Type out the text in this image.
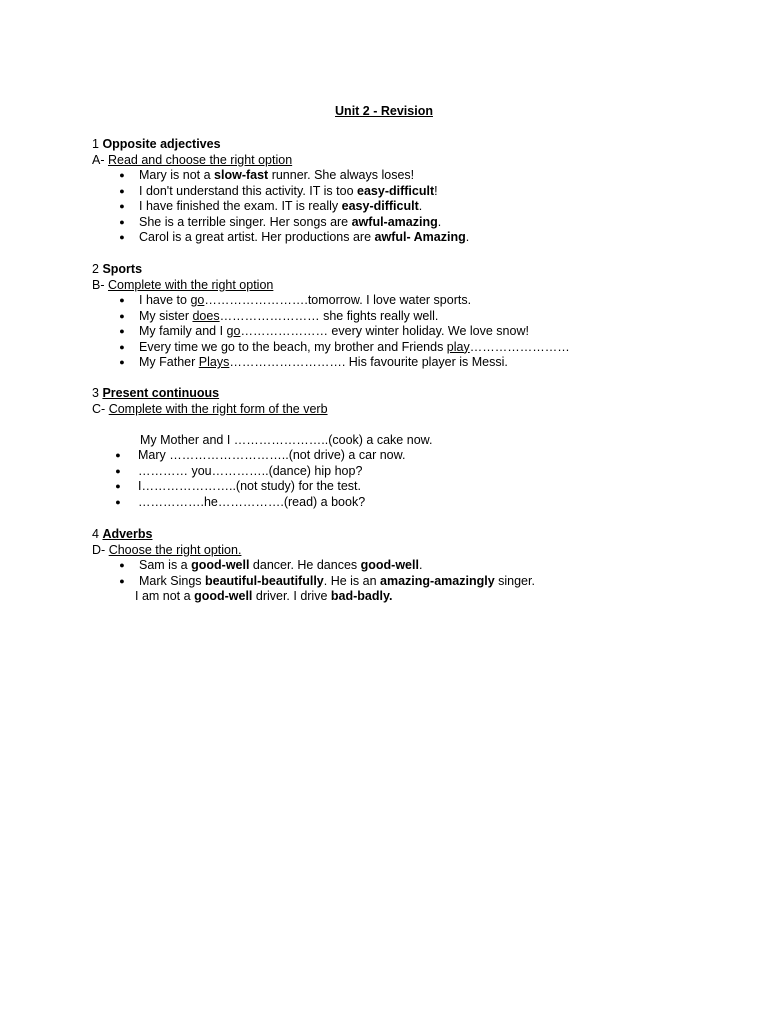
Unit 2 - Revision
1 Opposite adjectives
A- Read and choose the right option
● Mary is not a slow-fast runner. She always loses!
● I don't understand this activity. IT is too easy-difficult!
● I have finished the exam. IT is really easy-difficult.
● She is a terrible singer. Her songs are awful-amazing.
● Carol is a great artist. Her productions are awful- Amazing.
2 Sports
B- Complete with the right option
● I have to go…………………….tomorrow. I love water sports.
● My sister does…………………… she fights really well.
● My family and I go………………… every winter holiday. We love snow!
● Every time we go to the beach, my brother and Friends play……………………
● My Father Plays………………………. His favourite player is Messi.
3 Present continuous
C- Complete with the right form of the verb
My Mother and I …………………..(cook) a cake now.
● Mary ………………………..(not drive) a car now.
● ………… you…………..(dance) hip hop?
● I…………………..(not study) for the test.
● …………….he…………….(read) a book?
4 Adverbs
D- Choose the right option.
● Sam is a good-well dancer. He dances good-well.
● Mark Sings beautiful-beautifully. He is an amazing-amazingly singer.
I am not a good-well driver. I drive bad-badly.
